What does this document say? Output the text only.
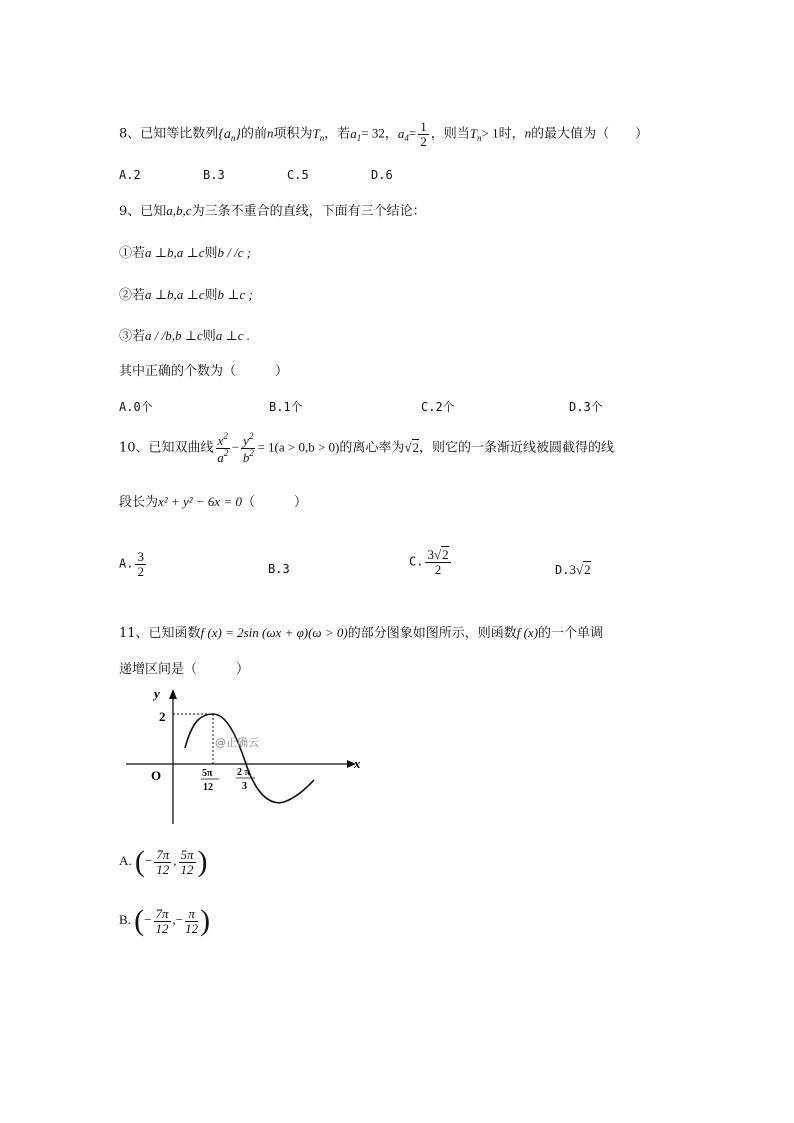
8、已知等比数列$\{a_n\}$的前n项积为$T_n$，若$a_1= 32$，$a_4= \frac{1}{2}$ ，则当$T_n> 1$时，n的最大值为（　　）
A.2	B.3	C.5	D.6
9、已知a,b,c为三条不重合的直线，下面有三个结论：
①若a ⊥b,a ⊥c则b / /c ;
②若a ⊥b,a ⊥c则b ⊥c ;
③若a / /b,b ⊥c则a ⊥c .
其中正确的个数为（　　　）
A.0个	B.1个	C.2个	D.3个
10、已知双曲线 $\frac{x^2}{a^2} - \frac{y^2}{b^2} = 1(a > 0,b > 0)$的离心率为√2，则它的一条渐近线被圆截得的线
段长为x² + y² − 6x = 0（　　　）
A. $\frac{3}{2}$	B.3
C. $\frac{3√2}{2}$	D.3√2
11、已知函数f (x) = 2sin (ωx + φ)(ω > 0)的部分图象如图所示，则函数f (x)的一个单调
递增区间是（　　　）
y
x
O
2
5π
12
2 π
3
@正确云
A. (− $\frac{7\pi}{12}$ , $\frac{5\pi}{12}$ )
B. (− $\frac{7\pi}{12}$ ,− $\frac{\pi}{12}$ )
